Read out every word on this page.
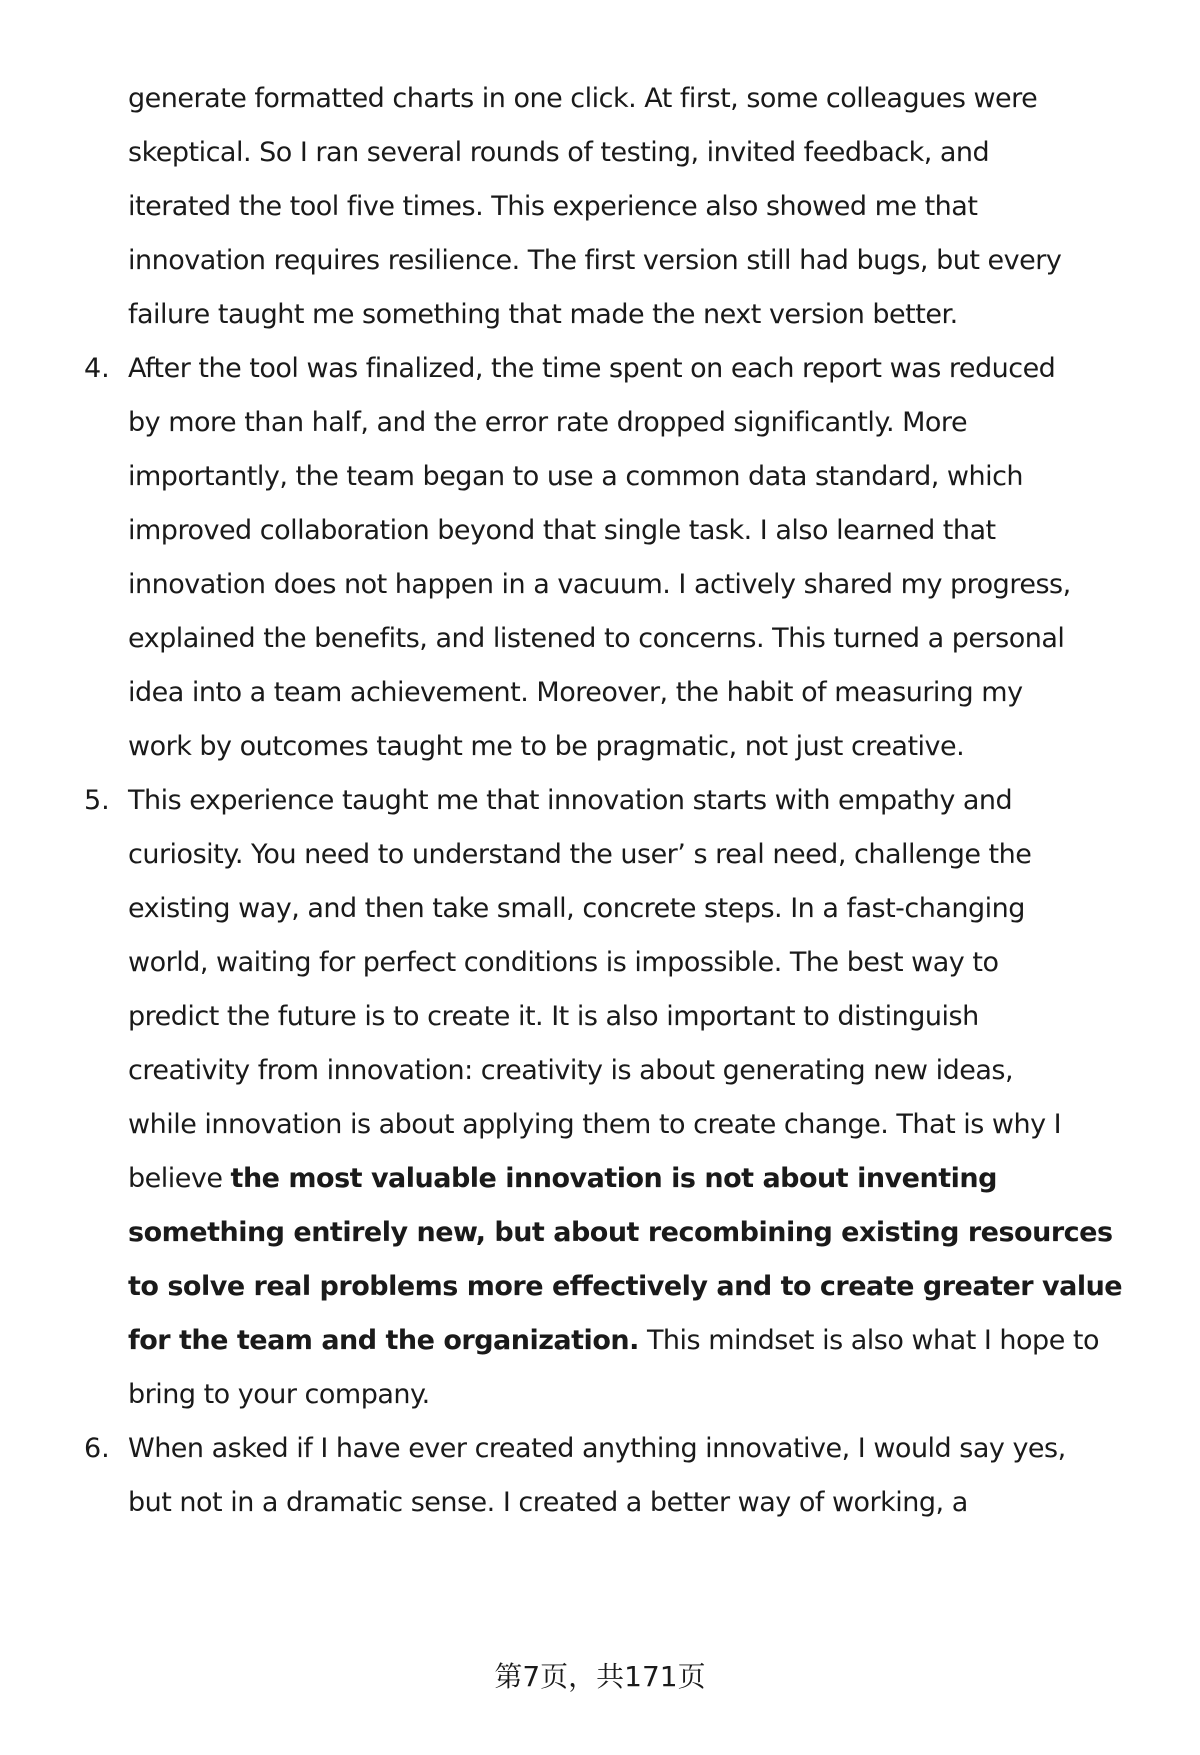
generate formatted charts in one click. At first, some colleagues were
skeptical. So I ran several rounds of testing, invited feedback, and
iterated the tool five times. This experience also showed me that
innovation requires resilience. The first version still had bugs, but every
failure taught me something that made the next version better.
4. After the tool was finalized, the time spent on each report was reduced
by more than half, and the error rate dropped significantly. More
importantly, the team began to use a common data standard, which
improved collaboration beyond that single task. I also learned that
innovation does not happen in a vacuum. I actively shared my progress,
explained the benefits, and listened to concerns. This turned a personal
idea into a team achievement. Moreover, the habit of measuring my
work by outcomes taught me to be pragmatic, not just creative.
5. This experience taught me that innovation starts with empathy and
curiosity. You need to understand the user’ s real need, challenge the
existing way, and then take small, concrete steps. In a fast-changing
world, waiting for perfect conditions is impossible. The best way to
predict the future is to create it. It is also important to distinguish
creativity from innovation: creativity is about generating new ideas,
while innovation is about applying them to create change. That is why I
believe the most valuable innovation is not about inventing
something entirely new, but about recombining existing resources
to solve real problems more effectively and to create greater value
for the team and the organization. This mindset is also what I hope to
bring to your company.
6. When asked if I have ever created anything innovative, I would say yes,
but not in a dramatic sense. I created a better way of working, a
第7页，共171页
